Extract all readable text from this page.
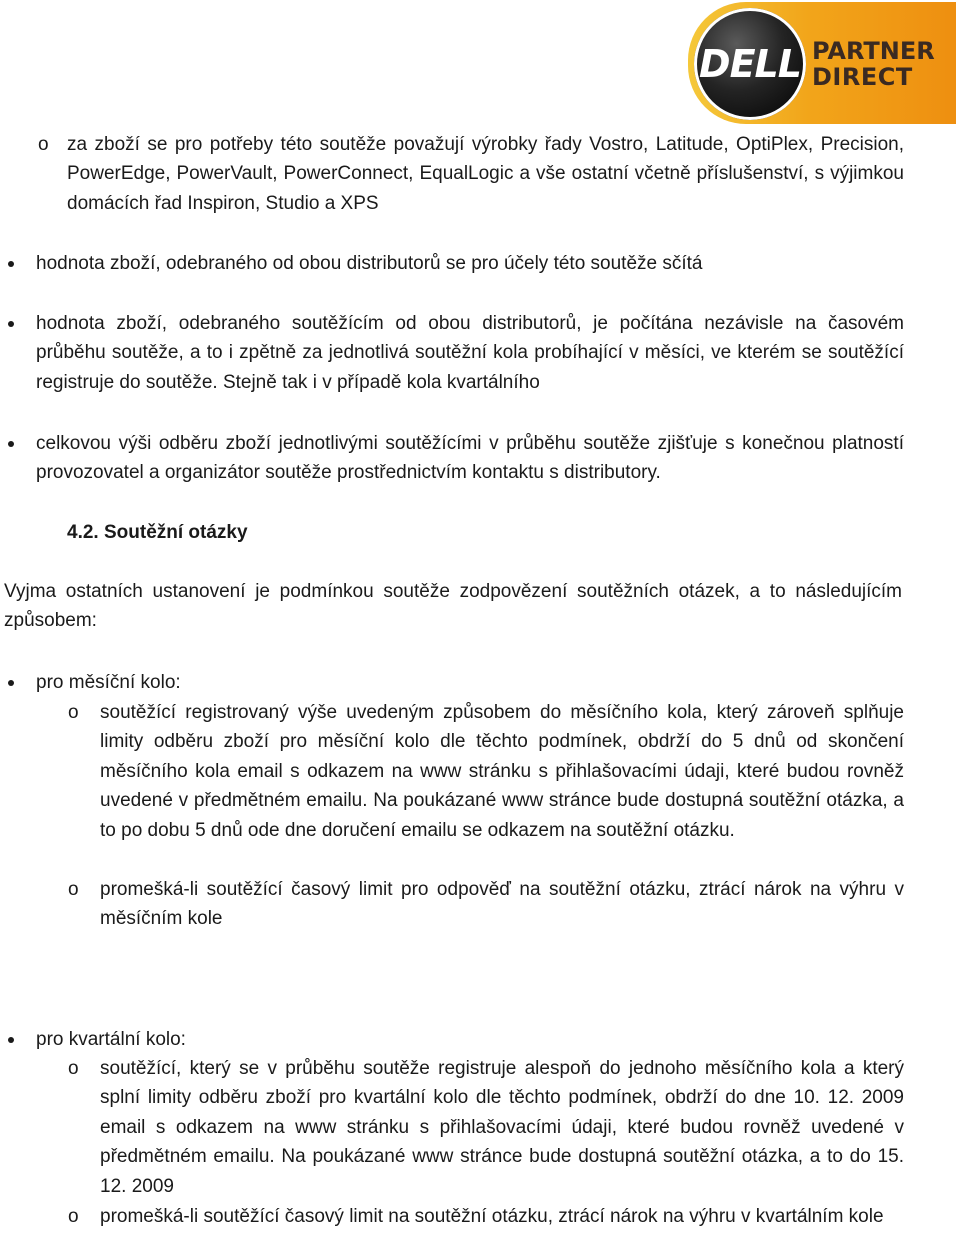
DELL PARTNER
DIRECT
o za zboží se pro potřeby této soutěže považují výrobky řady Vostro, Latitude, OptiPlex, Precision, PowerEdge, PowerVault, PowerConnect, EqualLogic a vše ostatní včetně příslušenství, s výjimkou domácích řad Inspiron, Studio a XPS
hodnota zboží, odebraného od obou distributorů se pro účely této soutěže sčítá
hodnota zboží, odebraného soutěžícím od obou distributorů, je počítána nezávisle na časovém průběhu soutěže, a to i zpětně za jednotlivá soutěžní kola probíhající v měsíci, ve kterém se soutěžící registruje do soutěže. Stejně tak i v případě kola kvartálního
celkovou výši odběru zboží jednotlivými soutěžícími v průběhu soutěže zjišťuje s konečnou platností provozovatel a organizátor soutěže prostřednictvím kontaktu s distributory.
4.2. Soutěžní otázky
Vyjma ostatních ustanovení je podmínkou soutěže zodpovězení soutěžních otázek, a to následujícím způsobem:
pro měsíční kolo:
o soutěžící registrovaný výše uvedeným způsobem do měsíčního kola, který zároveň splňuje limity odběru zboží pro měsíční kolo dle těchto podmínek, obdrží do 5 dnů od skončení měsíčního kola email s odkazem na www stránku s přihlašovacími údaji, které budou rovněž uvedené v předmětném emailu. Na poukázané www stránce bude dostupná soutěžní otázka, a to po dobu 5 dnů ode dne doručení emailu se odkazem na soutěžní otázku.
o promešká-li soutěžící časový limit pro odpověď na soutěžní otázku, ztrácí nárok na výhru v měsíčním kole
pro kvartální kolo:
o soutěžící, který se v průběhu soutěže registruje alespoň do jednoho měsíčního kola a který splní limity odběru zboží pro kvartální kolo dle těchto podmínek, obdrží do dne 10. 12. 2009 email s odkazem na www stránku s přihlašovacími údaji, které budou rovněž uvedené v předmětném emailu. Na poukázané www stránce bude dostupná soutěžní otázka, a to do 15. 12. 2009
o promešká-li soutěžící časový limit na soutěžní otázku, ztrácí nárok na výhru v kvartálním kole
